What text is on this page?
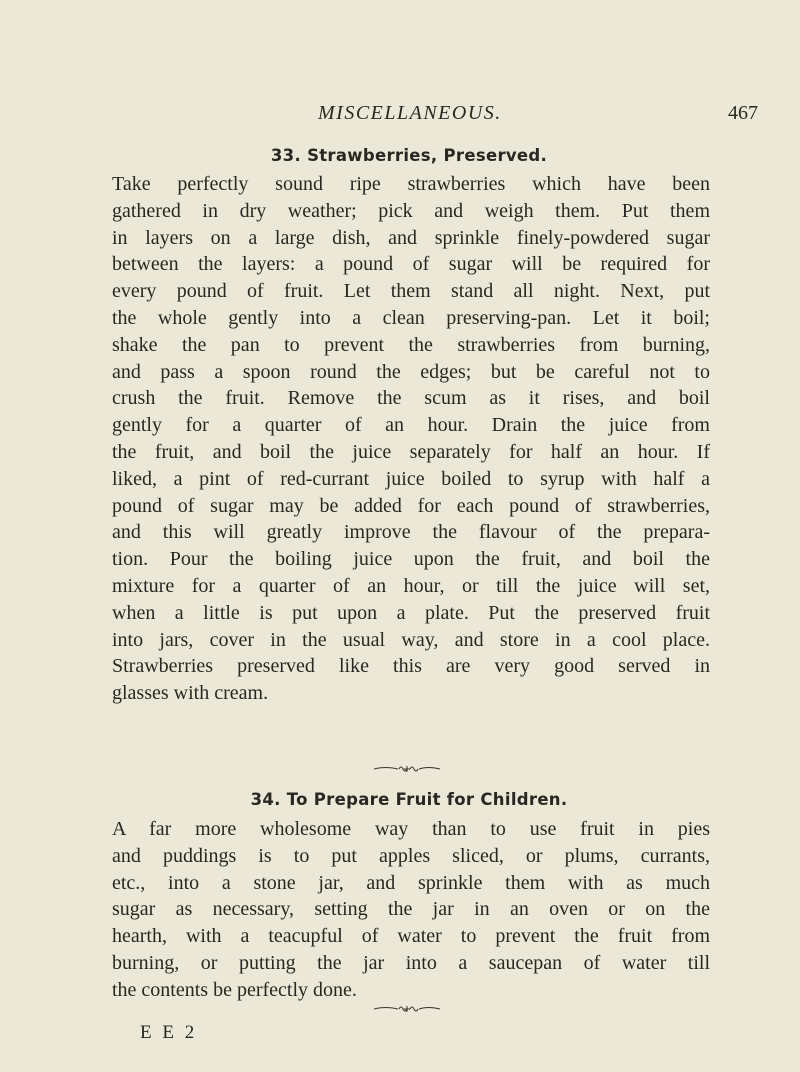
MISCELLANEOUS.	467
33. Strawberries, Preserved.
Take perfectly sound ripe strawberries which have been
gathered in dry weather; pick and weigh them. Put them
in layers on a large dish, and sprinkle finely-powdered sugar
between the layers: a pound of sugar will be required for
every pound of fruit. Let them stand all night. Next, put
the whole gently into a clean preserving-pan. Let it boil;
shake the pan to prevent the strawberries from burning,
and pass a spoon round the edges; but be careful not to
crush the fruit. Remove the scum as it rises, and boil
gently for a quarter of an hour. Drain the juice from
the fruit, and boil the juice separately for half an hour. If
liked, a pint of red-currant juice boiled to syrup with half a
pound of sugar may be added for each pound of strawberries,
and this will greatly improve the flavour of the prepara-
tion. Pour the boiling juice upon the fruit, and boil the
mixture for a quarter of an hour, or till the juice will set,
when a little is put upon a plate. Put the preserved fruit
into jars, cover in the usual way, and store in a cool place.
Strawberries preserved like this are very good served in
glasses with cream.
34. To Prepare Fruit for Children.
A far more wholesome way than to use fruit in pies
and puddings is to put apples sliced, or plums, currants,
etc., into a stone jar, and sprinkle them with as much
sugar as necessary, setting the jar in an oven or on the
hearth, with a teacupful of water to prevent the fruit from
burning, or putting the jar into a saucepan of water till
the contents be perfectly done.
E E 2
